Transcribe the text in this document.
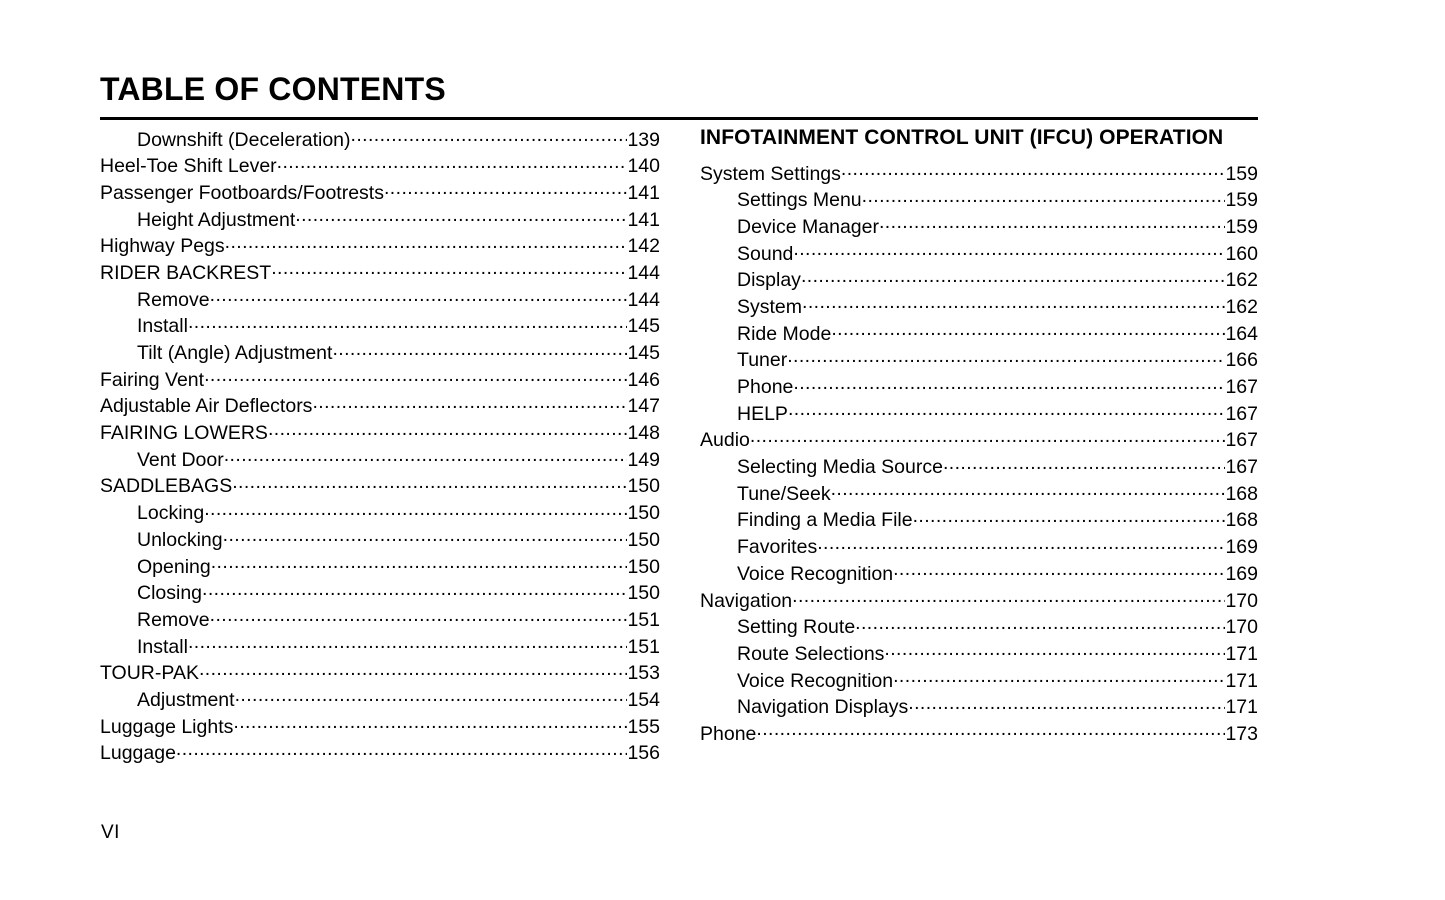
TABLE OF CONTENTS
Downshift (Deceleration) .....	139
Heel-Toe Shift Lever .....	140
Passenger Footboards/Footrests .....	141
Height Adjustment .....	141
Highway Pegs .....	142
RIDER BACKREST .....	144
Remove .....	144
Install .....	145
Tilt (Angle) Adjustment .....	145
Fairing Vent .....	146
Adjustable Air Deflectors .....	147
FAIRING LOWERS .....	148
Vent Door .....	149
SADDLEBAGS .....	150
Locking .....	150
Unlocking .....	150
Opening .....	150
Closing .....	150
Remove .....	151
Install .....	151
TOUR-PAK .....	153
Adjustment .....	154
Luggage Lights .....	155
Luggage .....	156
INFOTAINMENT CONTROL UNIT (IFCU) OPERATION
System Settings .....	159
Settings Menu .....	159
Device Manager .....	159
Sound .....	160
Display .....	162
System .....	162
Ride Mode .....	164
Tuner .....	166
Phone .....	167
HELP .....	167
Audio .....	167
Selecting Media Source .....	167
Tune/Seek .....	168
Finding a Media File .....	168
Favorites .....	169
Voice Recognition .....	169
Navigation .....	170
Setting Route .....	170
Route Selections .....	171
Voice Recognition .....	171
Navigation Displays .....	171
Phone .....	173
VI
